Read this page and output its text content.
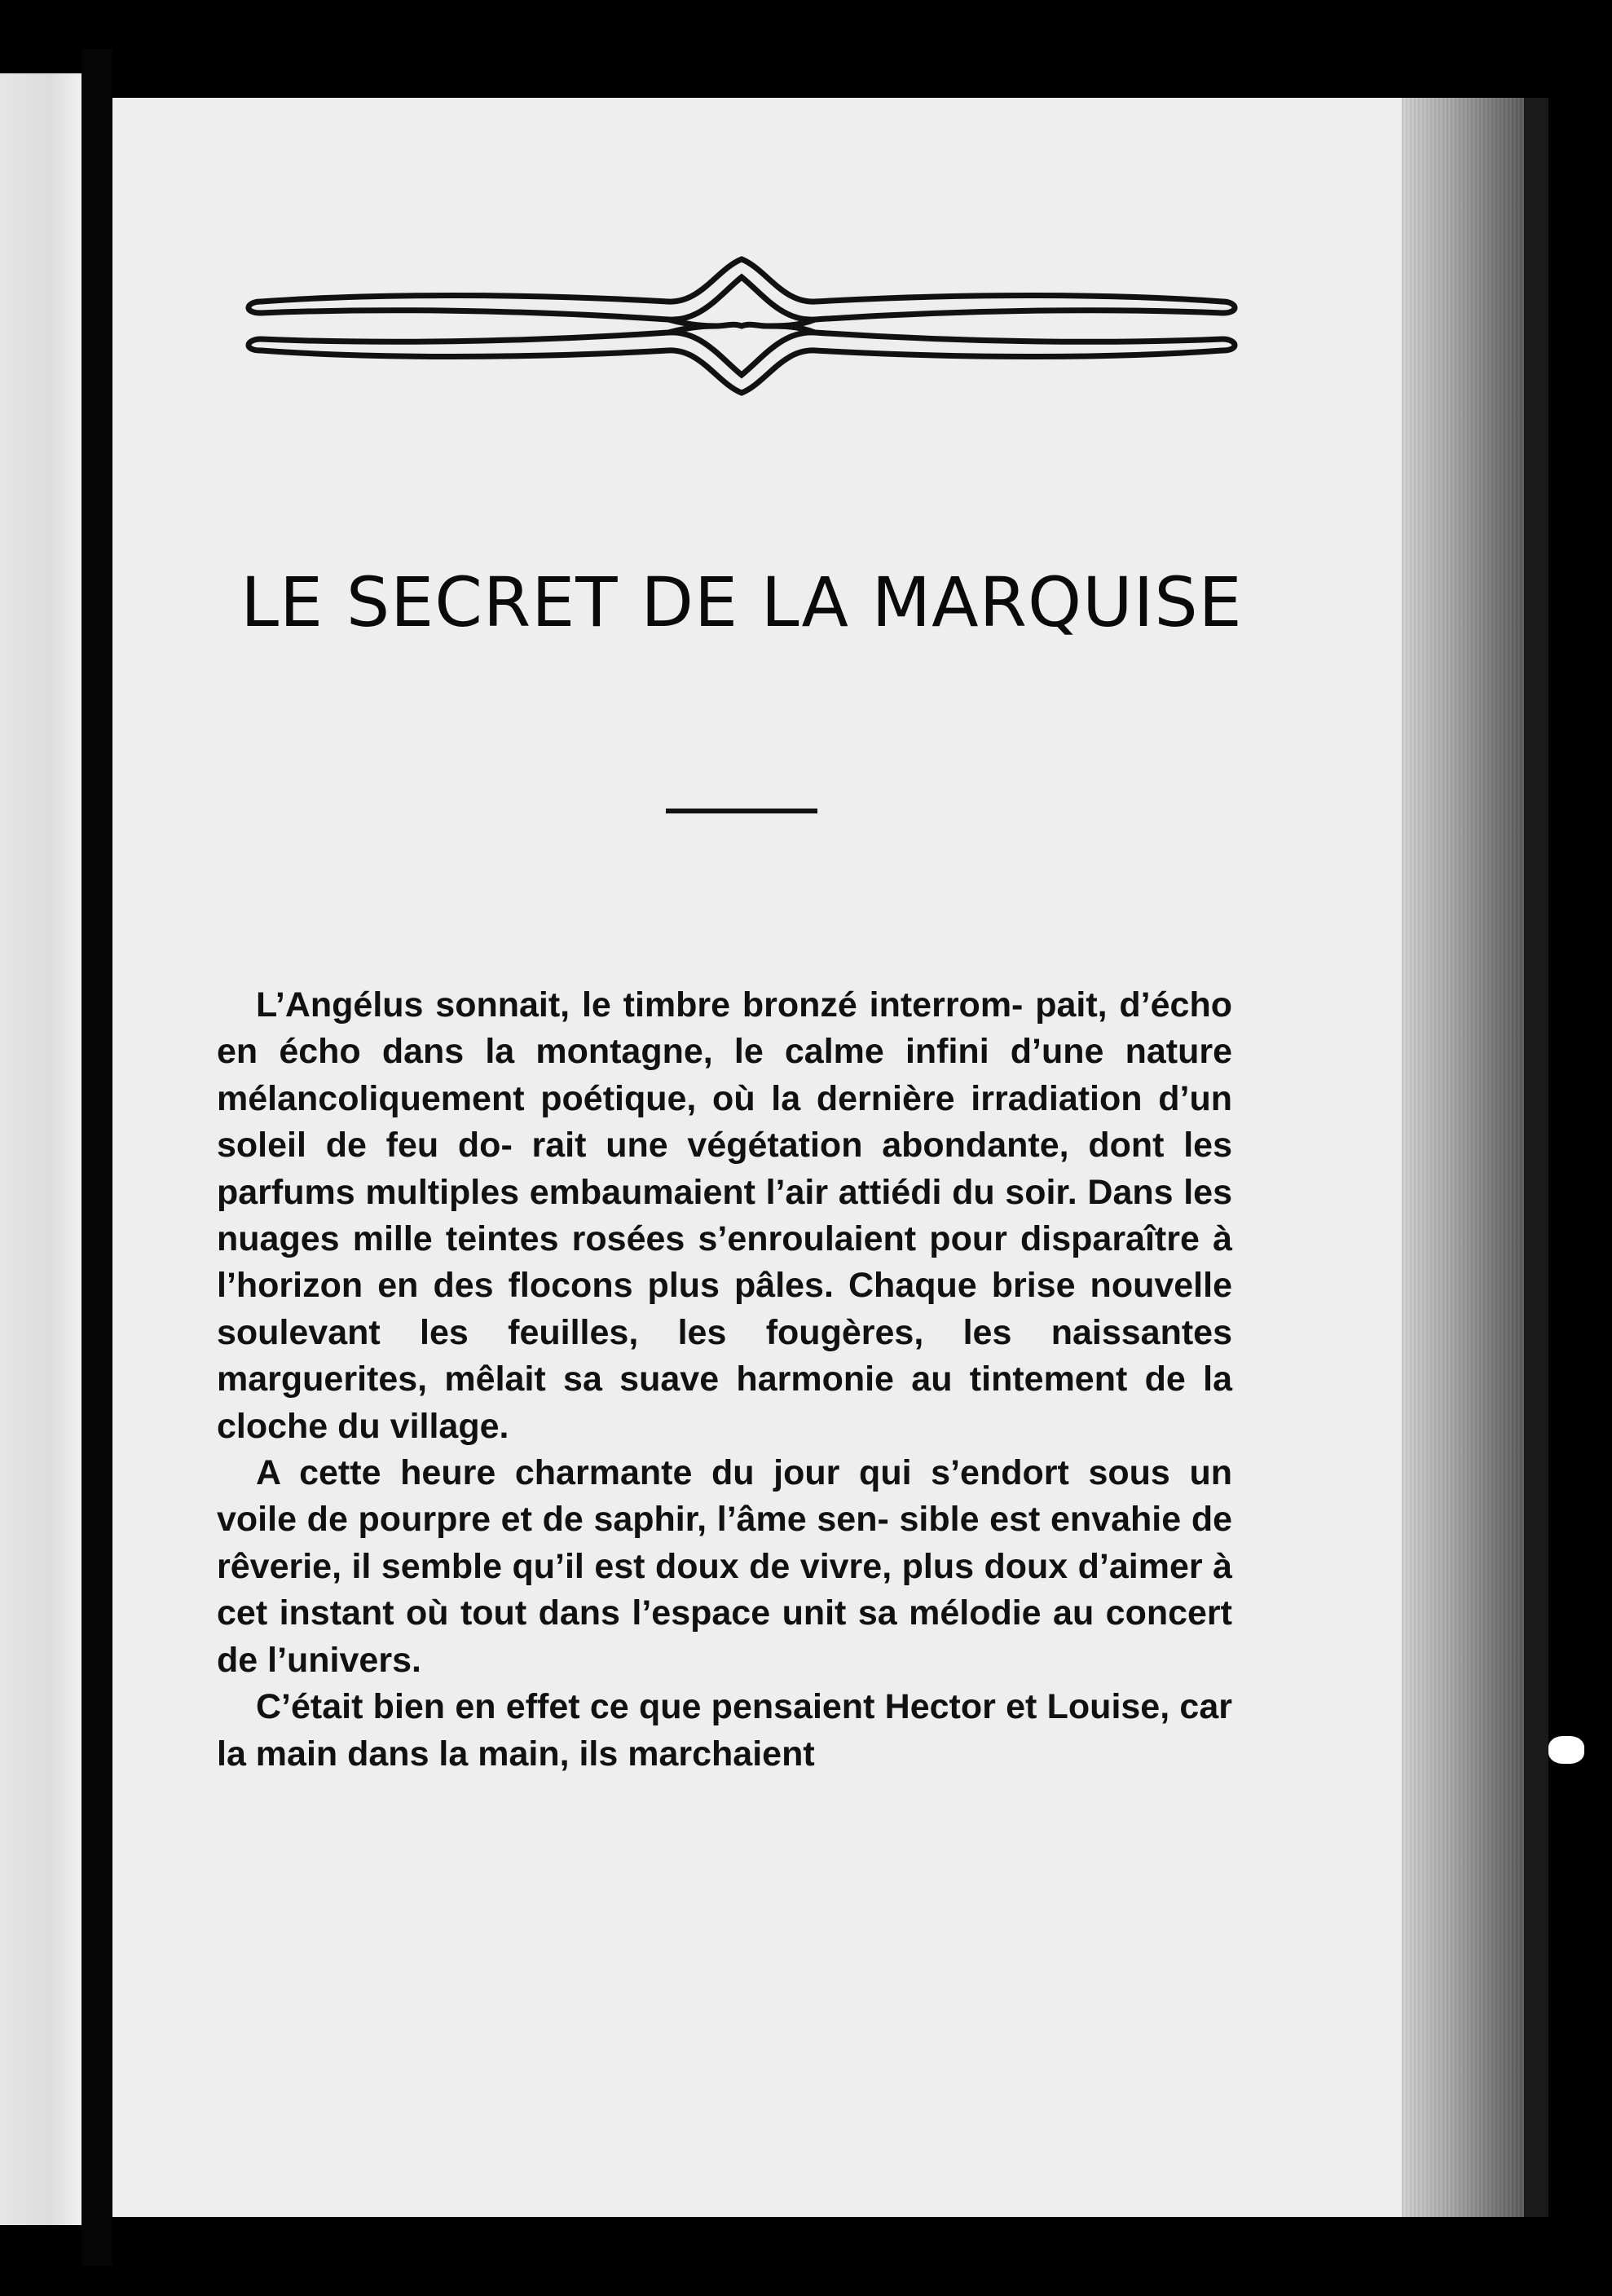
LE SECRET DE LA MARQUISE

L’Angélus sonnait, le timbre bronzé interrom- pait, d’écho en écho dans la montagne, le calme infini d’une nature mélancoliquement poétique, où la dernière irradiation d’un soleil de feu do- rait une végétation abondante, dont les parfums multiples embaumaient l’air attiédi du soir. Dans les nuages mille teintes rosées s’enroulaient pour disparaître à l’horizon en des flocons plus pâles. Chaque brise nouvelle soulevant les feuilles, les fougères, les naissantes marguerites, mêlait sa suave harmonie au tintement de la cloche du village.

A cette heure charmante du jour qui s’endort sous un voile de pourpre et de saphir, l’âme sen- sible est envahie de rêverie, il semble qu’il est doux de vivre, plus doux d’aimer à cet instant où tout dans l’espace unit sa mélodie au concert de l’univers.

C’était bien en effet ce que pensaient Hector et Louise, car la main dans la main, ils marchaient
